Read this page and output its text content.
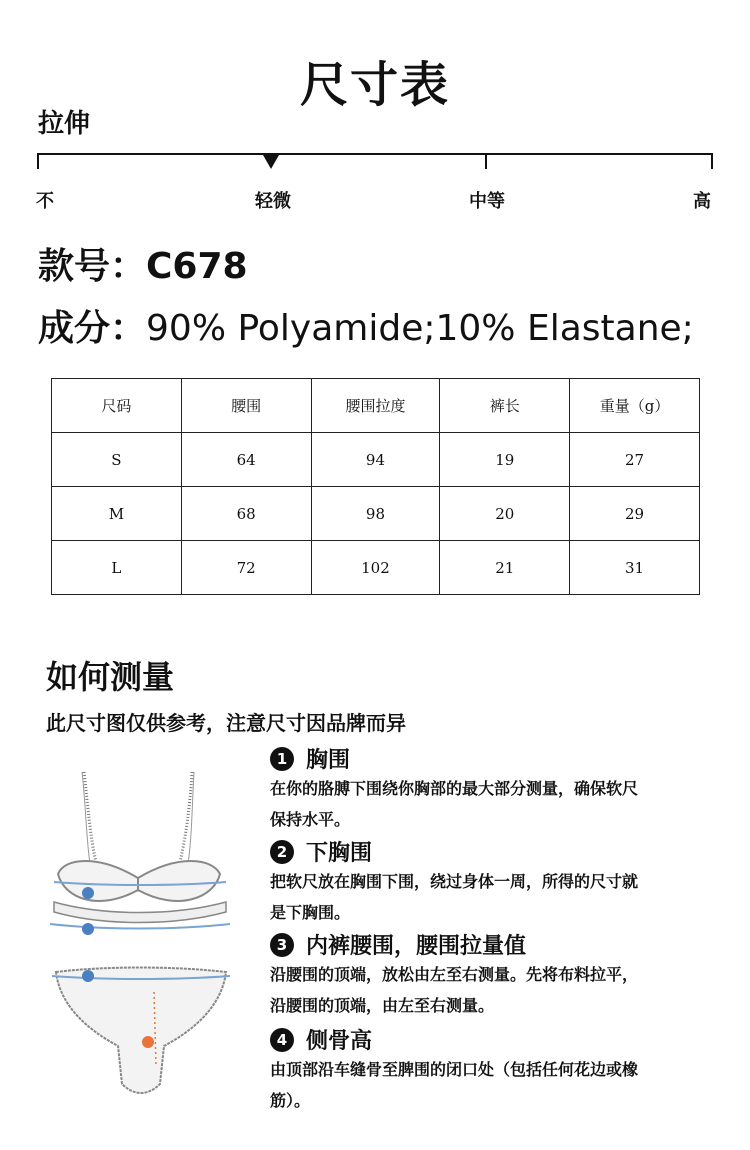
尺寸表
拉伸
不	轻微	中等	高
款号：C678
成分：90% Polyamide;10% Elastane;
尺码	腰围	腰围拉度	裤长	重量（g）
S	64	94	19	27
M	68	98	20	29
L	72	102	21	31
如何测量
此尺寸图仅供参考，注意尺寸因品牌而异
1 胸围
在你的胳膊下围绕你胸部的最大部分测量，确保软尺
保持水平。
2 下胸围
把软尺放在胸围下围，绕过身体一周，所得的尺寸就
是下胸围。
3 内裤腰围，腰围拉量值
沿腰围的顶端，放松由左至右测量。先将布料拉平，
沿腰围的顶端，由左至右测量。
4 侧骨高
由顶部沿车缝骨至脾围的闭口处（包括任何花边或橡
筋）。
